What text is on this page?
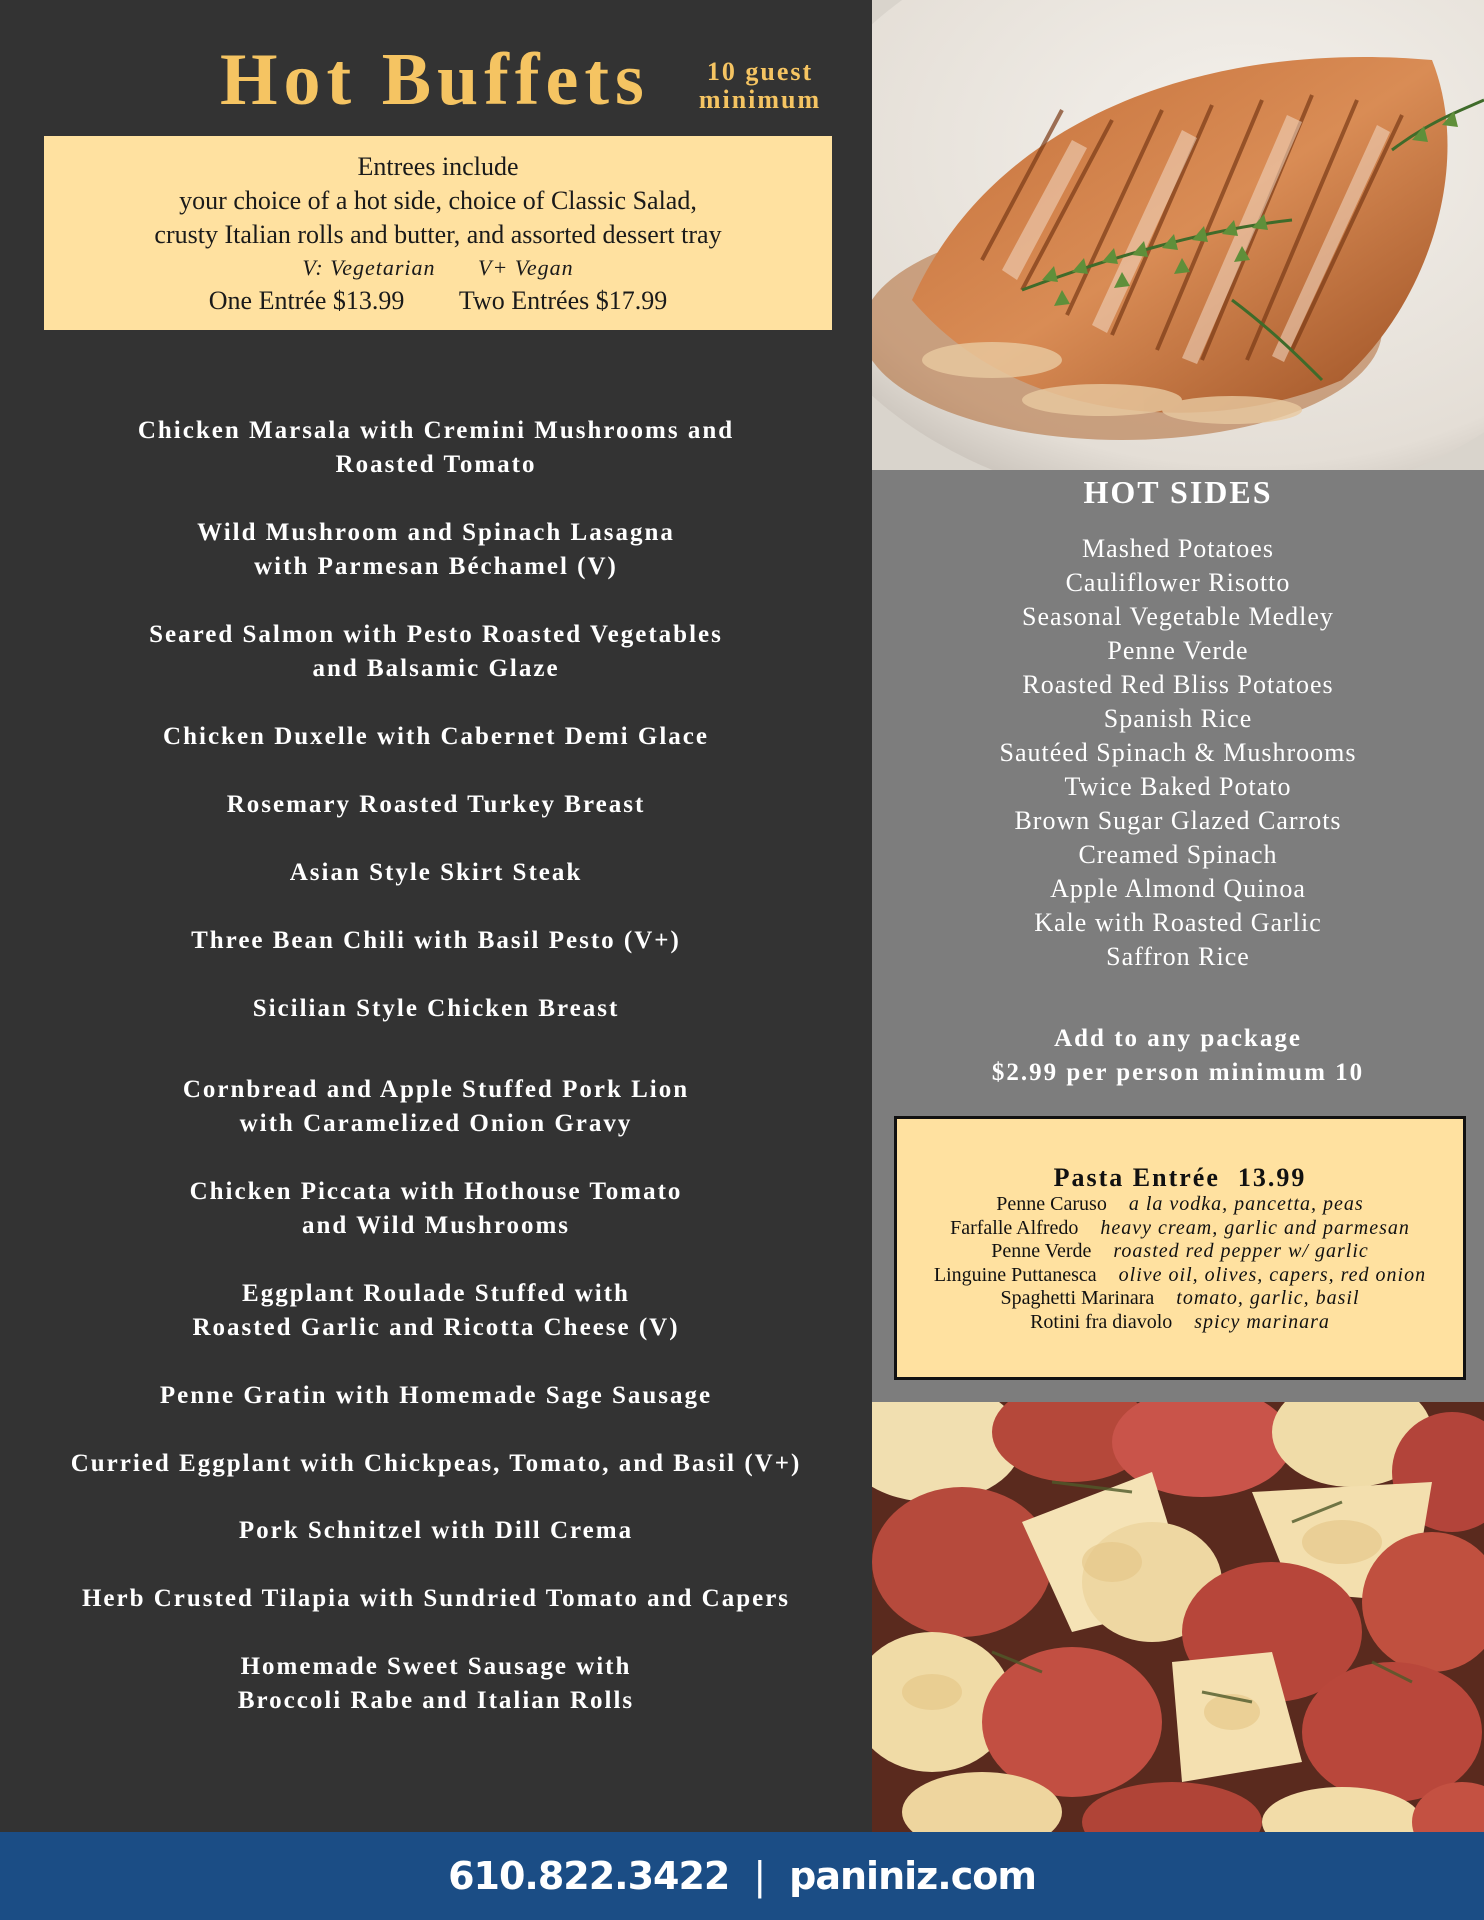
Hot Buffets	10 guest
minimum
Entrees include
your choice of a hot side, choice of Classic Salad,
crusty Italian rolls and butter, and assorted dessert tray
V: Vegetarian V+ Vegan
One Entrée $13.99 Two Entrées $17.99
Chicken Marsala with Cremini Mushrooms and
Roasted Tomato
Wild Mushroom and Spinach Lasagna
with Parmesan Béchamel (V)
Seared Salmon with Pesto Roasted Vegetables
and Balsamic Glaze
Chicken Duxelle with Cabernet Demi Glace
Rosemary Roasted Turkey Breast
Asian Style Skirt Steak
Three Bean Chili with Basil Pesto (V+)
Sicilian Style Chicken Breast
Cornbread and Apple Stuffed Pork Lion
with Caramelized Onion Gravy
Chicken Piccata with Hothouse Tomato
and Wild Mushrooms
Eggplant Roulade Stuffed with
Roasted Garlic and Ricotta Cheese (V)
Penne Gratin with Homemade Sage Sausage
Curried Eggplant with Chickpeas, Tomato, and Basil (V+)
Pork Schnitzel with Dill Crema
Herb Crusted Tilapia with Sundried Tomato and Capers
Homemade Sweet Sausage with
Broccoli Rabe and Italian Rolls
HOT SIDES
Mashed Potatoes
Cauliflower Risotto
Seasonal Vegetable Medley
Penne Verde
Roasted Red Bliss Potatoes
Spanish Rice
Sautéed Spinach & Mushrooms
Twice Baked Potato
Brown Sugar Glazed Carrots
Creamed Spinach
Apple Almond Quinoa
Kale with Roasted Garlic
Saffron Rice
Add to any package
$2.99 per person minimum 10
Pasta Entrée 13.99
Penne Caruso a la vodka, pancetta, peas
Farfalle Alfredo heavy cream, garlic and parmesan
Penne Verde roasted red pepper w/ garlic
Linguine Puttanesca olive oil, olives, capers, red onion
Spaghetti Marinara tomato, garlic, basil
Rotini fra diavolo spicy marinara
610.822.3422 | paniniz.com
